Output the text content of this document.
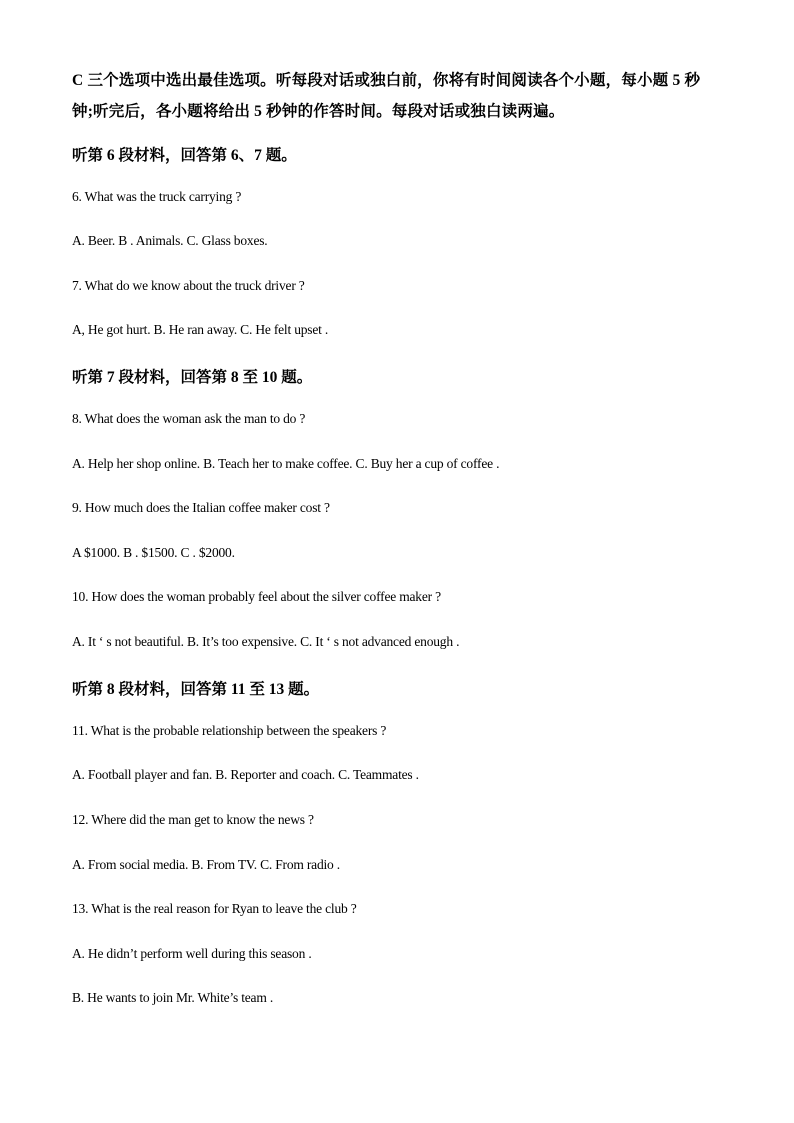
C 三个选项中选出最佳选项。听每段对话或独白前，你将有时间阅读各个小题，每小题 5 秒
钟;听完后，各小题将给出 5 秒钟的作答时间。每段对话或独白读两遍。
听第 6 段材料，回答第 6、7 题。
6. What was the truck carrying ?
A. Beer. B . Animals. C. Glass boxes.
7. What do we know about the truck driver ?
A, He got hurt. B. He ran away. C. He felt upset .
听第 7 段材料，回答第 8 至 10 题。
8. What does the woman ask the man to do ?
A. Help her shop online. B. Teach her to make coffee. C. Buy her a cup of coffee .
9. How much does the Italian coffee maker cost ?
A $1000. B . $1500. C . $2000.
10. How does the woman probably feel about the silver coffee maker ?
A. It ‘ s not beautiful. B. It’s too expensive. C. It ‘ s not advanced enough .
听第 8 段材料，回答第 11 至 13 题。
11. What is the probable relationship between the speakers ?
A. Football player and fan. B. Reporter and coach. C. Teammates .
12. Where did the man get to know the news ?
A. From social media. B. From TV. C. From radio .
13. What is the real reason for Ryan to leave the club ?
A. He didn’t perform well during this season .
B. He wants to join Mr. White’s team .
